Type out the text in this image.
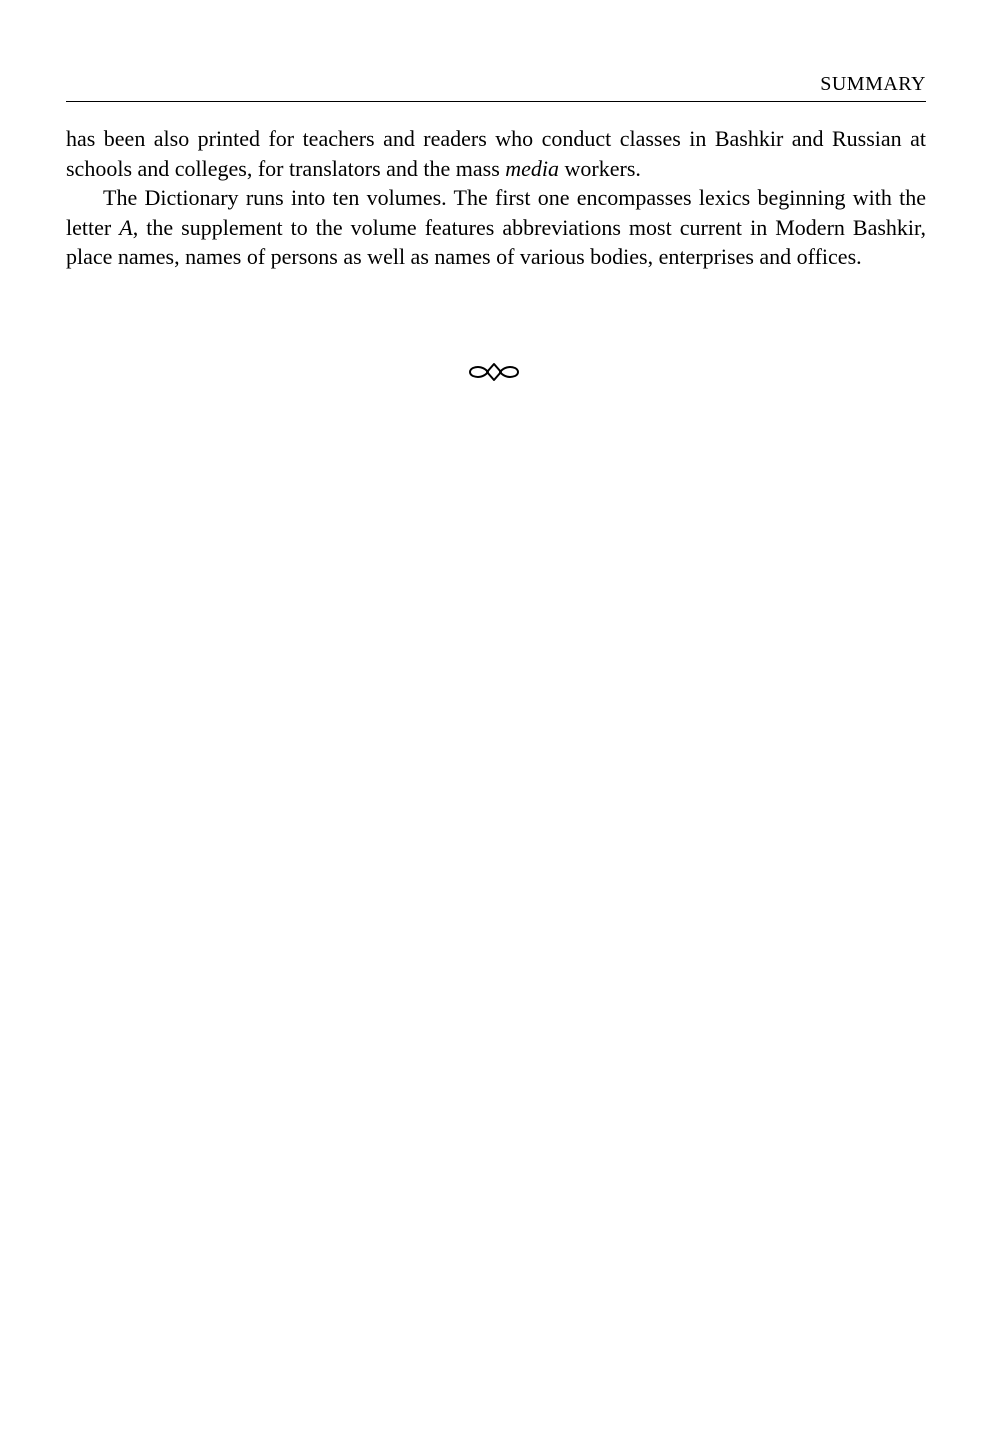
SUMMARY

has been also printed for teachers and readers who conduct classes in Bashkir and Russian at schools and colleges, for translators and the mass media workers.

The Dictionary runs into ten volumes. The first one encompasses lexics beginning with the letter A, the supplement to the volume features abbreviations most current in Modern Bashkir, place names, names of persons as well as names of various bodies, enterprises and offices.
